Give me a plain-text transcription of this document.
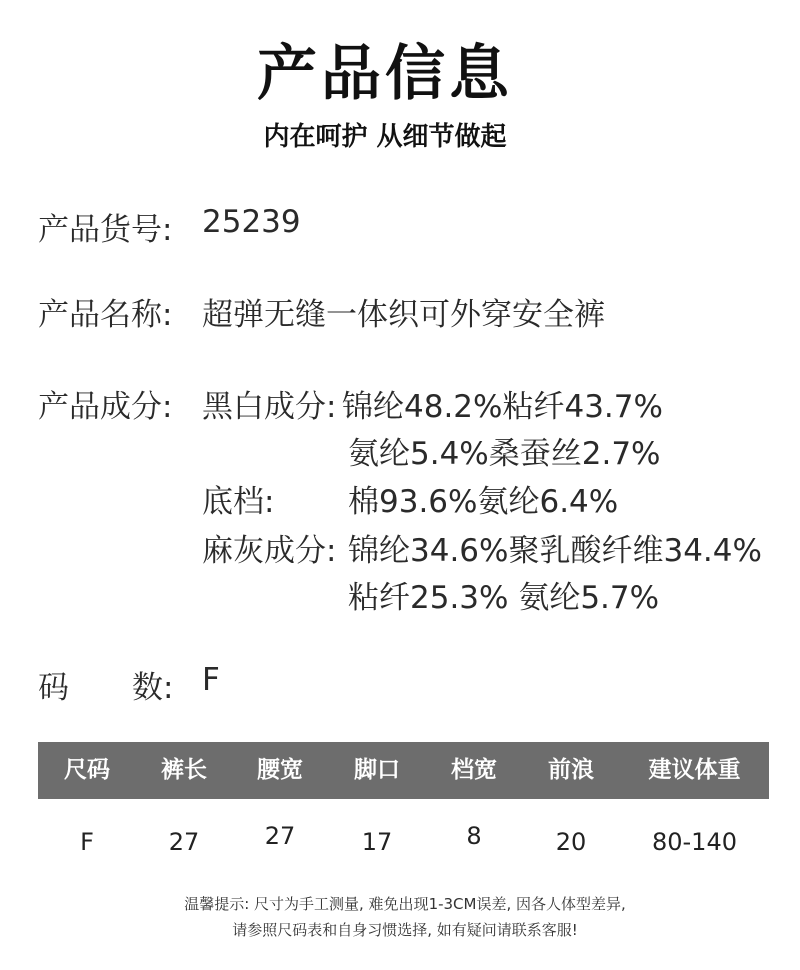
产品信息
内在呵护 从细节做起
产品货号: 25239
产品名称: 超弹无缝一体织可外穿安全裤
产品成分: 黑白成分: 锦纶48.2%粘纤43.7%
氨纶5.4%桑蚕丝2.7%
底档: 棉93.6%氨纶6.4%
麻灰成分: 锦纶34.6%聚乳酸纤维34.4%
粘纤25.3% 氨纶5.7%
码 数: F
尺码	裤长	腰宽	脚口	档宽	前浪	建议体重
F	27	27	17	8	20	80-140
温馨提示: 尺寸为手工测量, 难免出现1-3CM误差, 因各人体型差异,
请参照尺码表和自身习惯选择, 如有疑问请联系客服!
